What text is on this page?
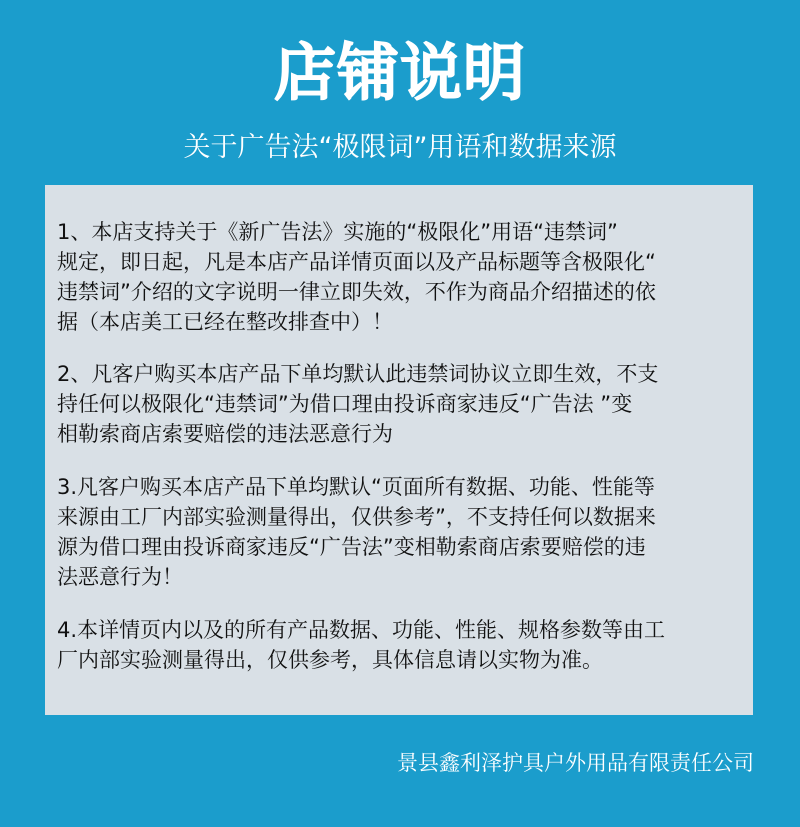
店铺说明
关于广告法“极限词”用语和数据来源

1、本店支持关于《新广告法》实施的“极限化”用语“违禁词”
规定，即日起，凡是本店产品详情页面以及产品标题等含极限化“
违禁词”介绍的文字说明一律立即失效，不作为商品介绍描述的依
据（本店美工已经在整改排查中）！

2、凡客户购买本店产品下单均默认此违禁词协议立即生效，不支
持任何以极限化“违禁词”为借口理由投诉商家违反“广告法 ”变
相勒索商店索要赔偿的违法恶意行为

3.凡客户购买本店产品下单均默认“页面所有数据、功能、性能等
来源由工厂内部实验测量得出，仅供参考”，不支持任何以数据来
源为借口理由投诉商家违反“广告法”变相勒索商店索要赔偿的违
法恶意行为！

4.本详情页内以及的所有产品数据、功能、性能、规格参数等由工
厂内部实验测量得出，仅供参考，具体信息请以实物为准。

景县鑫利泽护具户外用品有限责任公司
